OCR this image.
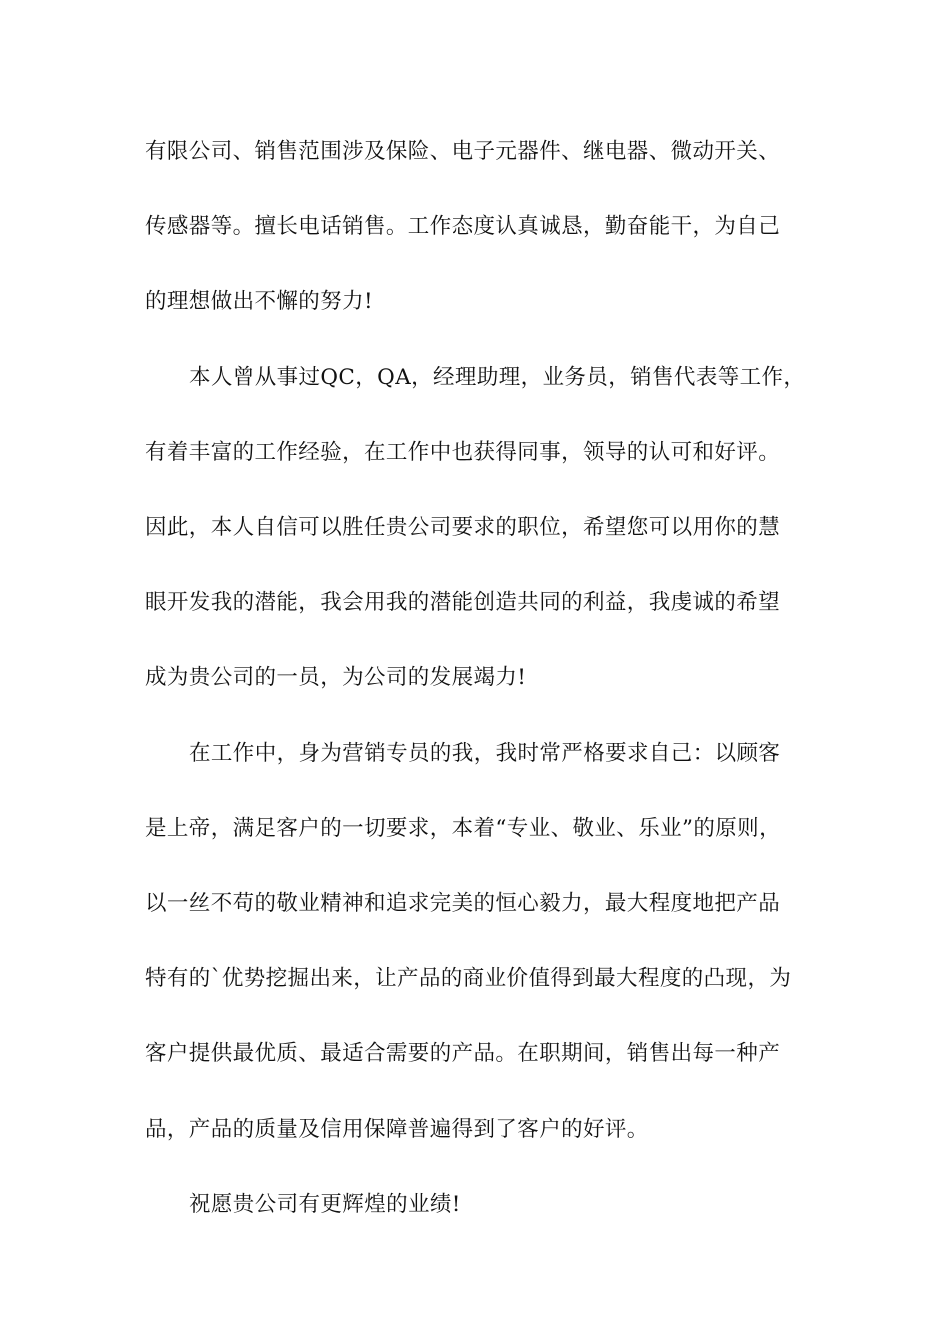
有限公司、销售范围涉及保险、电子元器件、继电器、微动开关、
传感器等。擅长电话销售。工作态度认真诚恳，勤奋能干，为自己
的理想做出不懈的努力!
本人曾从事过QC，QA，经理助理，业务员，销售代表等工作，
有着丰富的工作经验，在工作中也获得同事，领导的认可和好评。
因此，本人自信可以胜任贵公司要求的职位，希望您可以用你的慧
眼开发我的潜能，我会用我的潜能创造共同的利益，我虔诚的希望
成为贵公司的一员，为公司的发展竭力!
在工作中，身为营销专员的我，我时常严格要求自己：以顾客
是上帝，满足客户的一切要求，本着“专业、敬业、乐业”的原则，
以一丝不苟的敬业精神和追求完美的恒心毅力，最大程度地把产品
特有的`优势挖掘出来，让产品的商业价值得到最大程度的凸现，为
客户提供最优质、最适合需要的产品。在职期间，销售出每一种产
品，产品的质量及信用保障普遍得到了客户的好评。
祝愿贵公司有更辉煌的业绩!
